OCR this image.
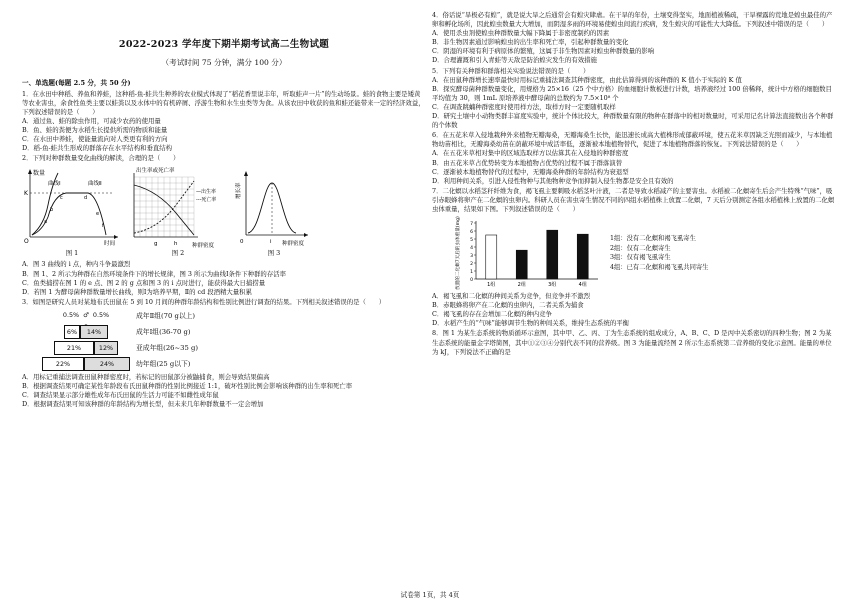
2022-2023 学年度下期半期考试高二生物试题
（考试时间 75 分钟，满分 100 分）
一、单选题(每题 2.5 分，共 50 分)

1．在水田中种稻、养鱼和养蛙，这种稻-鱼-蛙共生种养的农业模式体现了“稻花香里说丰年，听取蛙声一片”的生动场景。蛙的食物主要是矮黄等农业害虫，余食性鱼类主要以蛙粪以及水体中的有机碎屑、浮游生物和水生虫类等为食。从该农田中收获的鱼和蛙还能带来一定的经济效益，下列叙述错误的是（　　）

A．通过鱼、蛙的除虫作用，可减少农药的使用量

B．鱼、蛙的粪便为水稻生长提供所需的物质和能量

C．在水田中养蛙，使能量流向对人类更有利的方向

D．稻-鱼-蛙共生形成的群落存在水平结构和垂直结构

2．下列对种群数量变化曲线的解读，合理的是（　　）

数量
曲线Ⅰ	曲线Ⅱ
K
O
a
b
c	d
e
f
时间
图 1
出生率或死亡率
—出生率
---死亡率
g	h	种群密度
图 2
增长率
i
0	种群密度
图 3

A．图 3 曲线的 i 点，种内斗争最激烈

B．图 1、2 所示为种群在自然环境条件下的增长规律，图 3 所示为曲线Ⅰ条件下种群的存活率

C．鱼类捕捞在图 1 的 e 点、图 2 的 g 点和图 3 的 i 点时进行，能获得最大日捕捞量

D．若图 1 为酵母菌种群数量增长曲线，则Ⅰ为培养早期，Ⅱ的 cd 段酒精大量积累

3．如图是研究人员对某地布氏田鼠在 5 到 10 月间的种群年龄结构和性别比例进行调查的结果。下列相关叙述错误的是（　　）

0.5% ♂ 0.5%
6%	14%
21%	12%
22%	24%
成年Ⅱ组(70 g以上)
成年Ⅰ组(36-70 g)
亚成年组(26~35 g)
幼年组(25 g以下)

A．用标记重捕法调查田鼠种群密度时，若标记的田鼠部分被鼬捕食，则会导致结果偏高

B．根据调查结果可确定某性年龄段布氏田鼠种群的性别比例接近 1:1，破坏性别比例会影响该种群的出生率和死亡率

C．调查结果显示部分雄性成年布氏田鼠的生活力可能不如雌性成年鼠

D．根据调查结果可知该种群的年龄结构为增长型，但未来几年种群数量不一定会增加

4．俗话说“旱极必有蝗”，就是说大旱之后通常会有蝗灾肆虐。在干旱的年份，土壤变得坚实，地面植被稀疏，干旱裸露的荒地是蝗虫最佳的产卵和孵化场所，因此蝗虫数量大大增加，而阴湿多雨的环境易使蝗虫间流行疾病，发生蝗灾的可能性大大降低。下列叙述中错误的是（　　）

A．使用杀虫剂使蝗虫种群数量大幅下降属于非密度制约的因素

B．非生物因素通过影响蝗虫的出生率和死亡率，引起种群数量的变化

C．阴湿的环境有利于病原体的繁殖，这属于非生物因素对蝗虫种群数量的影响

D．合理灌溉和引入青蛙等天敌是防治蝗灾发生的有效措施

5．下列有关种群和群落相关实验说法错误的是（　　）

A．在田鼠种群增长速率最快时用标记重捕法调查其种群密度，由此估算得到的该种群的 K 值小于实际的 K 值

B．探究酵母菌种群数量变化，用规格为 25×16（25 个中方格）的血细胞计数板进行计数，培养液经过 100 倍稀释，统计中方格的细胞数目平均值为 30，则 1mL 原培养液中酵母菌的总数约为 7.5×10⁸ 个

C．在调查跳蝻种群密度时使用样方法，取样方时一定要随机取样

D．研究土壤中小动物类群丰富度实验中，统计个体比较大，种群数量有限的物种在群落中的相对数量时，可采用记名计算法直接数出各个种群的个体数

6．在五花米草入侵地栽种外来植物无瓣海桑，无瓣海桑生长快，能迅速长成高大植株形成郁蔽环境，使五花米草因缺乏光照而减少，与本地植物幼苗相比，无瓣海桑幼苗在荫蔽环境中成活率低，逐渐被本地植物替代，促进了本地植物群落的恢复。下列说法错误的是（　　）

A．在五花米草相对集中的区域选取样方以估算其在入侵地的种群密度

B．由五花米草占优势转变为本地植物占优势的过程不属于群落演替

C．逐渐被本地植物替代的过程中，无瓣海桑种群的年龄结构为衰退型

D．利用种间关系，引进入侵性物种与其他物种竞争而抑制入侵生物都是安全且有效的

7．二化螟以水稻茎秆纤维为食，褐飞虱主要刺吸水稻茎叶汁液，二者是导致水稻减产的主要害虫。水稻被二化螟寄生后会产生特殊“气味”，吸引赤眼蜂将卵产在二化螟的虫卵内。科研人员在害虫寄生情况不同的四组水稻植株上放置二化螟，7 天后分别测定各组水稻植株上放置的二化螟虫体重量，结果如下图。下列叙述错误的是（　　）

放置的二化螟7天后的虫体重量(mg) 0
1
2
3
4
5
6
7
1组	2组	3组	4组
1组：没有二化螟和褐飞虱寄生
2组：仅有二化螟寄生
3组：仅有褐飞虱寄生
4组：已有二化螟和褐飞虱共同寄生

A．褐飞虱和二化螟的种间关系为竞争，但竞争并不激烈

B．赤眼蜂将卵产在二化螟的虫卵内，二者关系为捕食

C．褐飞虱的存在会增加二化螟的种内竞争

D．水稻产生的“气味”能够调节生物的种间关系，维持生态系统的平衡

8．图 1 为某生态系统的物质循环示意图，其中甲、乙、丙、丁为生态系统的组成成分，A、B、C、D 是丙中关系密切的四种生物；图 2 为某生态系统的能量金字塔简图，其中①②③④分别代表不同的营养级。图 3 为能量流经图 2 所示生态系统第二营养级的变化示意图。能量的单位为 kJ，下列说法不正确的是

试卷第 1页，共 4页
